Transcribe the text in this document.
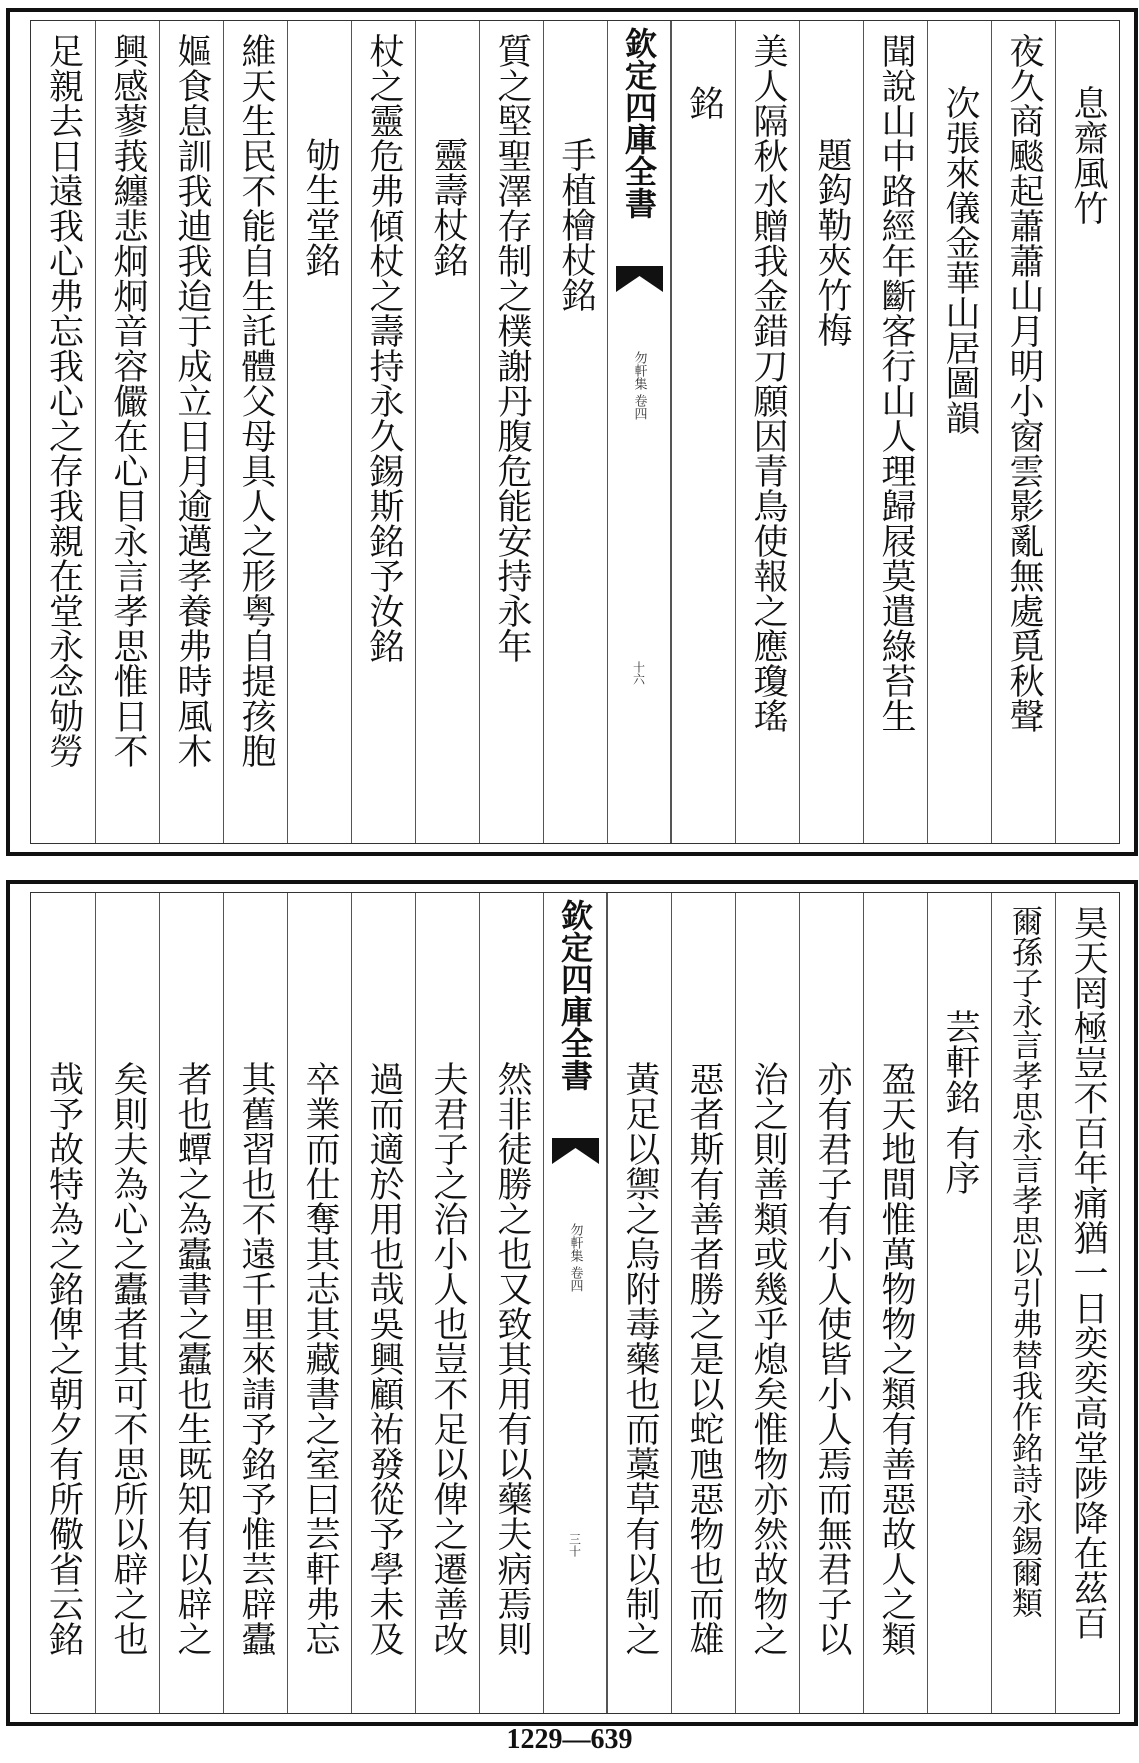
息齋風竹
夜久商颷起蕭蕭山月明小窗雲影亂無處覓秋聲
次張來儀金華山居圖韻
聞說山中路經年斷客行山人理歸屐莫遣綠苔生
題鈎勒夾竹梅
美人隔秋水贈我金錯刀願因青鳥使報之應瓊瑤
銘
欽定四庫全書
勿軒集 卷四
十六
手植檜杖銘
質之堅聖澤存制之樸謝丹腹危能安持永年
靈壽杖銘
杖之靈危弗傾杖之壽持永久錫斯銘予汝銘
劬生堂銘
維天生民不能自生託體父母具人之形粤自提孩胞
嫗食息訓我迪我迨于成立日月逾邁孝養弗時風木
興感蓼莪纏悲炯炯音容儼在心目永言孝思惟日不
足親去日遠我心弗忘我心之存我親在堂永念劬勞
昊天罔極豈不百年痛猶一日奕奕高堂陟降在茲百
爾孫子永言孝思永言孝思以引弗替我作銘詩永錫爾類
芸軒銘 有序
盈天地間惟萬物物之類有善惡故人之類
亦有君子有小人使皆小人焉而無君子以
治之則善類或幾乎熄矣惟物亦然故物之
惡者斯有善者勝之是以蛇虺惡物也而雄
黃足以禦之烏附毒藥也而藁草有以制之
欽定四庫全書
勿軒集 卷四
三十
然非徒勝之也又致其用有以藥夫病焉則
夫君子之治小人也豈不足以俾之遷善改
過而適於用也哉吳興顧祐發從予學未及
卒業而仕奪其志其藏書之室曰芸軒弗忘
其舊習也不遠千里來請予銘予惟芸辟蠹
者也蟫之為蠹書之蠹也生既知有以辟之
矣則夫為心之蠹者其可不思所以辟之也
哉予故特為之銘俾之朝夕有所儆省云銘
1229—639
